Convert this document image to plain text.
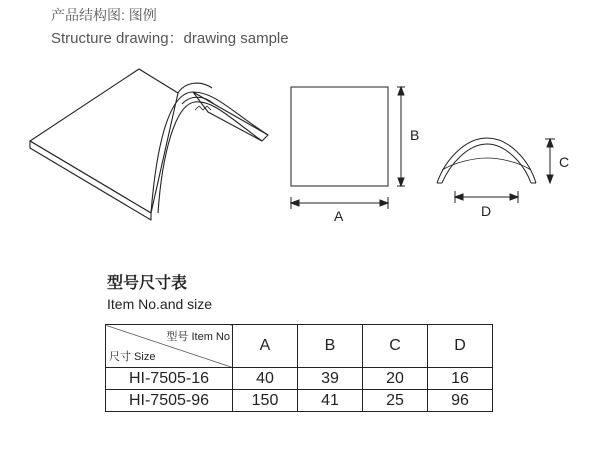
产品结构图: 图例
Structure drawing：drawing sample
B
A
C
D
型号尺寸表
Item No.and size
型号 Item No
尺寸 Size	A	B	C	D

HI-7505-16	40	39	20	16
HI-7505-96	150	41	25	96
